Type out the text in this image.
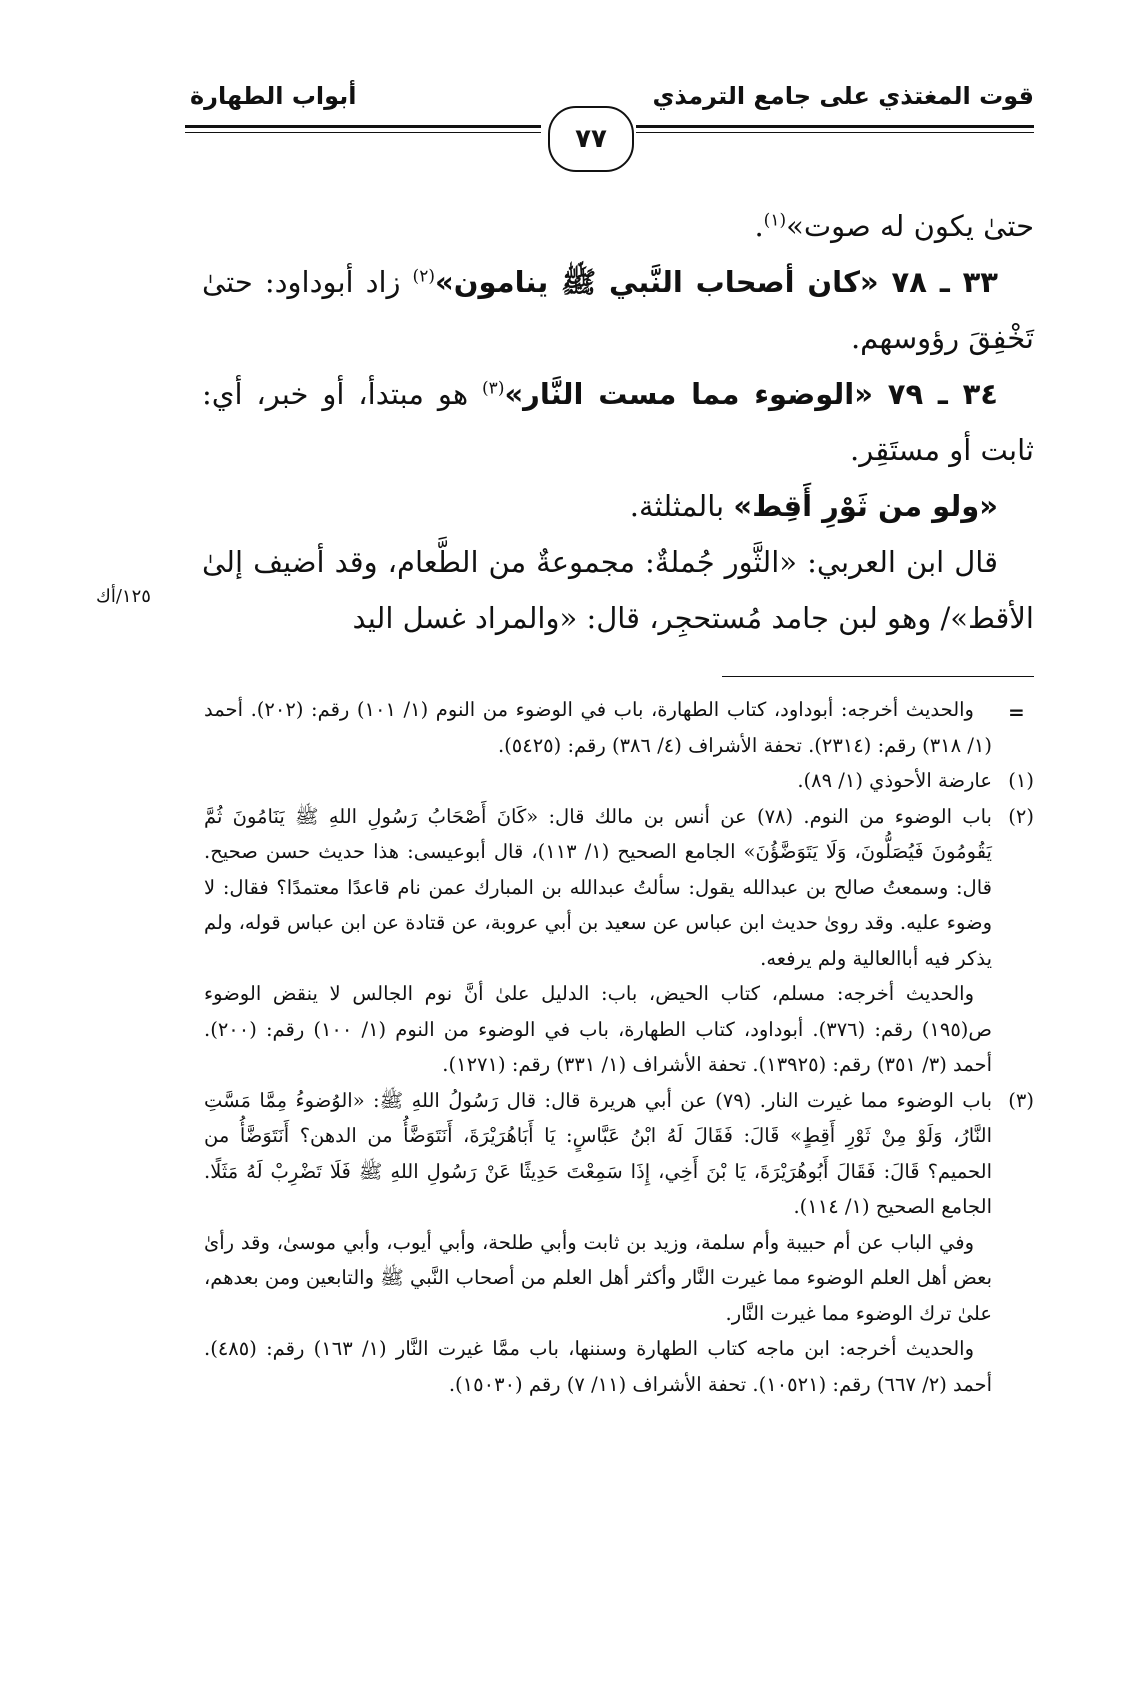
قوت المغتذي على جامع الترمذي
أبواب الطهارة
٧٧

حتىٰ يكون له صوت»$^{(١)}$.

٣٣ ـ ٧٨ «كان أصحاب النَّبي ﷺ ينامون»$^{(٢)}$ زاد أبوداود: حتىٰ تَخْفِقَ رؤوسهم.

٣٤ ـ ٧٩ «الوضوء مما مست النَّار»$^{(٣)}$ هو مبتدأ، أو خبر، أي: ثابت أو مستَقِر.

«ولو من ثَوْرِ أَقِط» بالمثلثة.

قال ابن العربي: «الثَّور جُملةٌ: مجموعةٌ من الطَّعام، وقد أضيف إلىٰ الأقط»/ وهو لبن جامد مُستحجِر، قال: «والمراد غسل اليد

١٢٥/أك
=

والحديث أخرجه: أبوداود، كتاب الطهارة، باب في الوضوء من النوم (١/ ١٠١) رقم: (٢٠٢). أحمد (١/ ٣١٨) رقم: (٢٣١٤). تحفة الأشراف (٤/ ٣٨٦) رقم: (٥٤٢٥).

(١)
عارضة الأحوذي (١/ ٨٩).
(٢)
باب الوضوء من النوم. (٧٨) عن أنس بن مالك قال: «كَانَ أَصْحَابُ رَسُولِ اللهِ ﷺ يَنَامُونَ ثُمَّ يَقُومُونَ فَيُصَلُّونَ، وَلَا يَتَوَضَّؤُنَ» الجامع الصحيح (١/ ١١٣)، قال أبوعيسى: هذا حديث حسن صحيح. قال: وسمعتُ صالح بن عبدالله يقول: سألتُ عبدالله بن المبارك عمن نام قاعدًا معتمدًا؟ فقال: لا وضوء عليه. وقد روىٰ حديث ابن عباس عن سعيد بن أبي عروبة، عن قتادة عن ابن عباس قوله، ولم يذكر فيه أباالعالية ولم يرفعه.

والحديث أخرجه: مسلم، كتاب الحيض، باب: الدليل علىٰ أنَّ نوم الجالس لا ينقض الوضوء ص(١٩٥) رقم: (٣٧٦). أبوداود، كتاب الطهارة، باب في الوضوء من النوم (١/ ١٠٠) رقم: (٢٠٠). أحمد (٣/ ٣٥١) رقم: (١٣٩٢٥). تحفة الأشراف (١/ ٣٣١) رقم: (١٢٧١).

(٣)
باب الوضوء مما غيرت النار. (٧٩) عن أبي هريرة قال: قال رَسُولُ اللهِ ﷺ: «الوُضوءُ مِمَّا مَسَّتِ النَّارُ، وَلَوْ مِنْ ثَوْرِ أَقِطٍ» قَالَ: فَقَالَ لَهُ ابْنُ عَبَّاسٍ: يَا أَبَاهُرَيْرَةَ، أَنَتَوَضَّأُ من الدهن؟ أَنَتَوَضَّأُ من الحميم؟ قَالَ: فَقَالَ أَبُوهُرَيْرَةَ، يَا بْنَ أَخِي، إِذَا سَمِعْتَ حَدِيثًا عَنْ رَسُولِ اللهِ ﷺ فَلَا تَضْرِبْ لَهُ مَثَلًا. الجامع الصحيح (١/ ١١٤).

وفي الباب عن أم حبيبة وأم سلمة، وزيد بن ثابت وأبي طلحة، وأبي أيوب، وأبي موسىٰ، وقد رأىٰ بعض أهل العلم الوضوء مما غيرت النَّار وأكثر أهل العلم من أصحاب النَّبي ﷺ والتابعين ومن بعدهم، علىٰ ترك الوضوء مما غيرت النَّار.

والحديث أخرجه: ابن ماجه كتاب الطهارة وسننها، باب ممَّا غيرت النَّار (١/ ١٦٣) رقم: (٤٨٥). أحمد (٢/ ٦٦٧) رقم: (١٠٥٢١). تحفة الأشراف (١١/ ٧) رقم (١٥٠٣٠).
